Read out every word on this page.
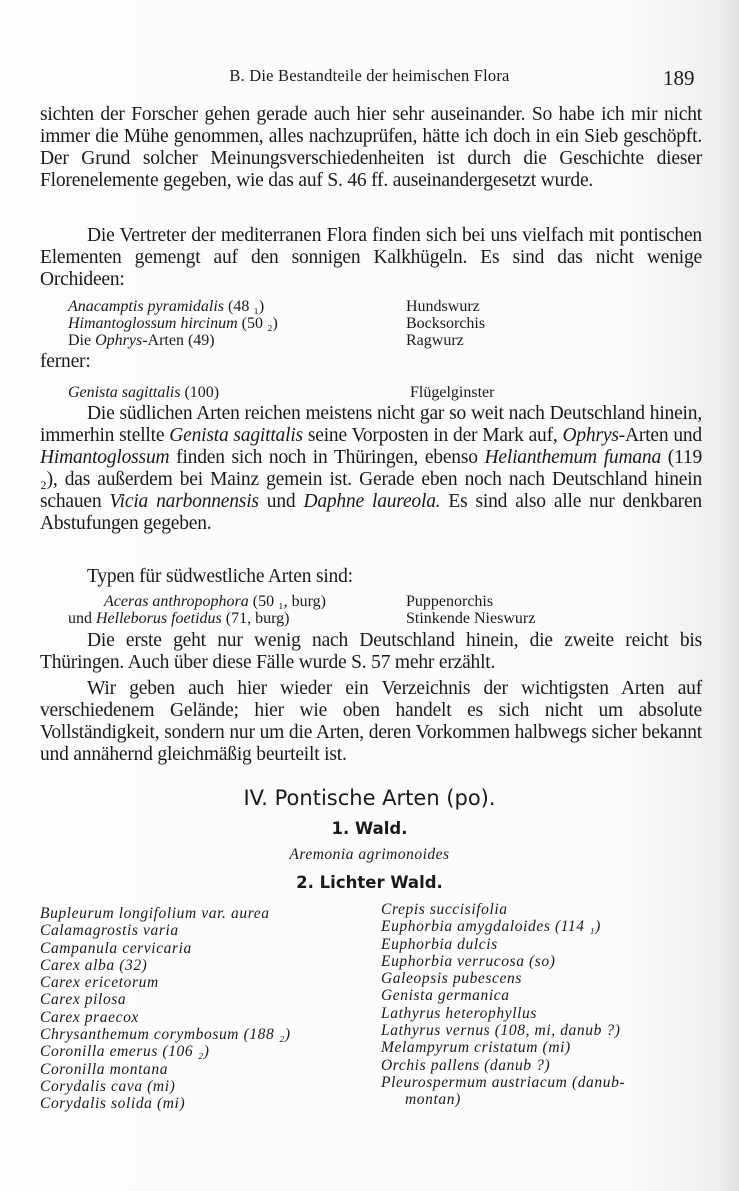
B. Die Bestandteile der heimischen Flora	189

sichten der Forscher gehen gerade auch hier sehr auseinander. So habe ich mir nicht immer die Mühe genommen, alles nachzuprüfen, hätte ich doch in ein Sieb geschöpft. Der Grund solcher Meinungsverschiedenheiten ist durch die Geschichte dieser Florenelemente gegeben, wie das auf S. 46 ff. auseinandergesetzt wurde.

Die Vertreter der mediterranen Flora finden sich bei uns vielfach mit pontischen Elementen gemengt auf den sonnigen Kalkhügeln. Es sind das nicht wenige Orchideen:

Anacamptis pyramidalis (48 ₁)	Hundswurz
Himantoglossum hircinum (50 ₂)	Bocksorchis
Die Ophrys-Arten (49)	Ragwurz
ferner:
Genista sagittalis (100)	Flügelginster

Die südlichen Arten reichen meistens nicht gar so weit nach Deutschland hinein, immerhin stellte Genista sagittalis seine Vorposten in der Mark auf, Ophrys-Arten und Himantoglossum finden sich noch in Thüringen, ebenso Helianthemum fumana (119 ₂), das außerdem bei Mainz gemein ist. Gerade eben noch nach Deutschland hinein schauen Vicia narbonnensis und Daphne laureola. Es sind also alle nur denkbaren Abstufungen gegeben.

Typen für südwestliche Arten sind:

Aceras anthropophora (50 ₁, burg)	Puppenorchis
und Helleborus foetidus (71, burg)	Stinkende Nieswurz

Die erste geht nur wenig nach Deutschland hinein, die zweite reicht bis Thüringen. Auch über diese Fälle wurde S. 57 mehr erzählt.

Wir geben auch hier wieder ein Verzeichnis der wichtigsten Arten auf verschiedenem Gelände; hier wie oben handelt es sich nicht um absolute Vollständigkeit, sondern nur um die Arten, deren Vorkommen halbwegs sicher bekannt und annähernd gleichmäßig beurteilt ist.

IV. Pontische Arten (po).
1. Wald.
Aremonia agrimonoides
2. Lichter Wald.
Bupleurum longifolium var. aurea
Calamagrostis varia
Campanula cervicaria
Carex alba (32)
Carex ericetorum
Carex pilosa
Carex praecox
Chrysanthemum corymbosum (188 ₂)
Coronilla emerus (106 ₂)
Coronilla montana
Corydalis cava (mi)
Corydalis solida (mi)
Crepis succisifolia
Euphorbia amygdaloides (114 ₁)
Euphorbia dulcis
Euphorbia verrucosa (so)
Galeopsis pubescens
Genista germanica
Lathyrus heterophyllus
Lathyrus vernus (108, mi, danub ?)
Melampyrum cristatum (mi)
Orchis pallens (danub ?)
Pleurospermum austriacum (danub-
montan)
